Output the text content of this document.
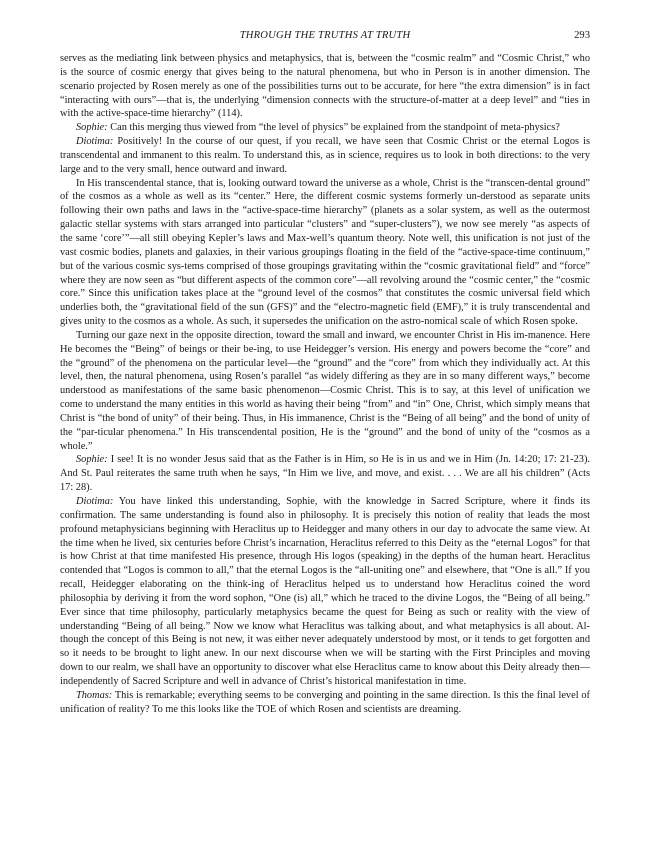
THROUGH THE TRUTHS AT TRUTH	293

serves as the mediating link between physics and metaphysics, that is, between the “cosmic realm” and “Cosmic Christ,” who is the source of cosmic energy that gives being to the natural phenomena, but who in Person is in another dimension. The scenario projected by Rosen merely as one of the possibilities turns out to be accurate, for here “the extra dimension” is in fact “interacting with ours”—that is, the underlying “dimension connects with the structure-of-matter at a deep level” and “ties in with the active-space-time hierarchy” (114).

Sophie: Can this merging thus viewed from “the level of physics” be explained from the standpoint of meta-physics?

Diotima: Positively! In the course of our quest, if you recall, we have seen that Cosmic Christ or the eternal Logos is transcendental and immanent to this realm. To understand this, as in science, requires us to look in both directions: to the very large and to the very small, hence outward and inward.

In His transcendental stance, that is, looking outward toward the universe as a whole, Christ is the “transcen-dental ground” of the cosmos as a whole as well as its “center.” Here, the different cosmic systems formerly un-derstood as separate units following their own paths and laws in the “active-space-time hierarchy” (planets as a solar system, as well as the outermost galactic stellar systems with stars arranged into particular “clusters” and “super-clusters”), we now see merely “as aspects of the same ‘core’”—all still obeying Kepler’s laws and Max-well’s quantum theory. Note well, this unification is not just of the vast cosmic bodies, planets and galaxies, in their various groupings floating in the field of the “active-space-time continuum,” but of the various cosmic sys-tems comprised of those groupings gravitating within the “cosmic gravitational field” and “force” where they are now seen as “but different aspects of the common core”—all revolving around the “cosmic center,” the “cosmic core.” Since this unification takes place at the “ground level of the cosmos” that constitutes the cosmic universal field which underlies both, the “gravitational field of the sun (GFS)” and the “electro-magnetic field (EMF),” it is truly transcendental and gives unity to the cosmos as a whole. As such, it supersedes the unification on the astro-nomical scale of which Rosen spoke.

Turning our gaze next in the opposite direction, toward the small and inward, we encounter Christ in His im-manence. Here He becomes the “Being” of beings or their be-ing, to use Heidegger’s version. His energy and powers become the “core” and the “ground” of the phenomena on the particular level—the “ground” and the “core” from which they individually act. At this level, then, the natural phenomena, using Rosen’s parallel “as widely differing as they are in so many different ways,” become understood as manifestations of the same basic phenomenon—Cosmic Christ. This is to say, at this level of unification we come to understand the many entities in this world as having their being “from” and “in” One, Christ, which simply means that Christ is “the bond of unity” of their being. Thus, in His immanence, Christ is the “Being of all being” and the bond of unity of the “par-ticular phenomena.” In His transcendental position, He is the “ground” and the bond of unity of the “cosmos as a whole.”

Sophie: I see! It is no wonder Jesus said that as the Father is in Him, so He is in us and we in Him (Jn. 14:20; 17: 21-23). And St. Paul reiterates the same truth when he says, “In Him we live, and move, and exist. . . . We are all his children” (Acts 17: 28).

Diotima: You have linked this understanding, Sophie, with the knowledge in Sacred Scripture, where it finds its confirmation. The same understanding is found also in philosophy. It is precisely this notion of reality that leads the most profound metaphysicians beginning with Heraclitus up to Heidegger and many others in our day to advocate the same view. At the time when he lived, six centuries before Christ’s incarnation, Heraclitus referred to this Deity as the “eternal Logos” for that is how Christ at that time manifested His presence, through His logos (speaking) in the depths of the human heart. Heraclitus contended that “Logos is common to all,” that the eternal Logos is the “all-uniting one” and elsewhere, that “One is all.” If you recall, Heidegger elaborating on the think-ing of Heraclitus helped us to understand how Heraclitus coined the word philosophia by deriving it from the word sophon, “One (is) all,” which he traced to the divine Logos, the “Being of all being.” Ever since that time philosophy, particularly metaphysics became the quest for Being as such or reality with the view of understanding “Being of all being.” Now we know what Heraclitus was talking about, and what metaphysics is all about. Al-though the concept of this Being is not new, it was either never adequately understood by most, or it tends to get forgotten and so it needs to be brought to light anew. In our next discourse when we will be starting with the First Principles and moving down to our realm, we shall have an opportunity to discover what else Heraclitus came to know about this Deity already then—independently of Sacred Scripture and well in advance of Christ’s historical manifestation in time.

Thomas: This is remarkable; everything seems to be converging and pointing in the same direction. Is this the final level of unification of reality? To me this looks like the TOE of which Rosen and scientists are dreaming.
